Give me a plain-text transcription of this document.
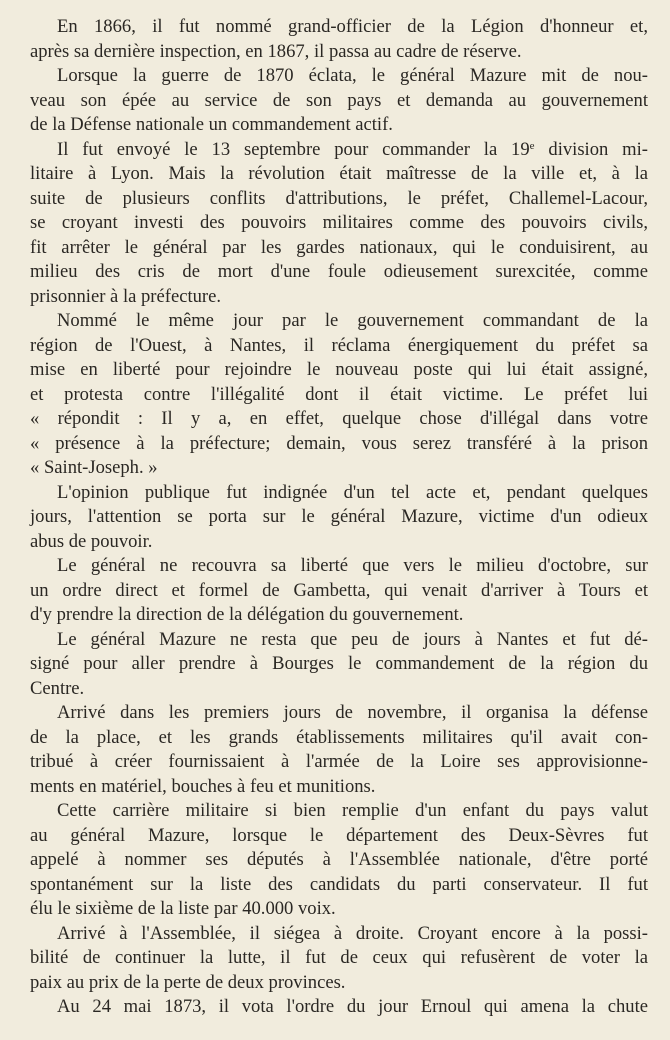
En 1866, il fut nommé grand-officier de la Légion d'honneur et,
après sa dernière inspection, en 1867, il passa au cadre de réserve.
Lorsque la guerre de 1870 éclata, le général Mazure mit de nou-
veau son épée au service de son pays et demanda au gouvernement
de la Défense nationale un commandement actif.
Il fut envoyé le 13 septembre pour commander la 19e division mi-
litaire à Lyon. Mais la révolution était maîtresse de la ville et, à la
suite de plusieurs conflits d'attributions, le préfet, Challemel-Lacour,
se croyant investi des pouvoirs militaires comme des pouvoirs civils,
fit arrêter le général par les gardes nationaux, qui le conduisirent, au
milieu des cris de mort d'une foule odieusement surexcitée, comme
prisonnier à la préfecture.
Nommé le même jour par le gouvernement commandant de la
région de l'Ouest, à Nantes, il réclama énergiquement du préfet sa
mise en liberté pour rejoindre le nouveau poste qui lui était assigné,
et protesta contre l'illégalité dont il était victime. Le préfet lui
« répondit : Il y a, en effet, quelque chose d'illégal dans votre
« présence à la préfecture; demain, vous serez transféré à la prison
« Saint-Joseph. »
L'opinion publique fut indignée d'un tel acte et, pendant quelques
jours, l'attention se porta sur le général Mazure, victime d'un odieux
abus de pouvoir.
Le général ne recouvra sa liberté que vers le milieu d'octobre, sur
un ordre direct et formel de Gambetta, qui venait d'arriver à Tours et
d'y prendre la direction de la délégation du gouvernement.
Le général Mazure ne resta que peu de jours à Nantes et fut dé-
signé pour aller prendre à Bourges le commandement de la région du
Centre.
Arrivé dans les premiers jours de novembre, il organisa la défense
de la place, et les grands établissements militaires qu'il avait con-
tribué à créer fournissaient à l'armée de la Loire ses approvisionne-
ments en matériel, bouches à feu et munitions.
Cette carrière militaire si bien remplie d'un enfant du pays valut
au général Mazure, lorsque le département des Deux-Sèvres fut
appelé à nommer ses députés à l'Assemblée nationale, d'être porté
spontanément sur la liste des candidats du parti conservateur. Il fut
élu le sixième de la liste par 40.000 voix.
Arrivé à l'Assemblée, il siégea à droite. Croyant encore à la possi-
bilité de continuer la lutte, il fut de ceux qui refusèrent de voter la
paix au prix de la perte de deux provinces.
Au 24 mai 1873, il vota l'ordre du jour Ernoul qui amena la chute
